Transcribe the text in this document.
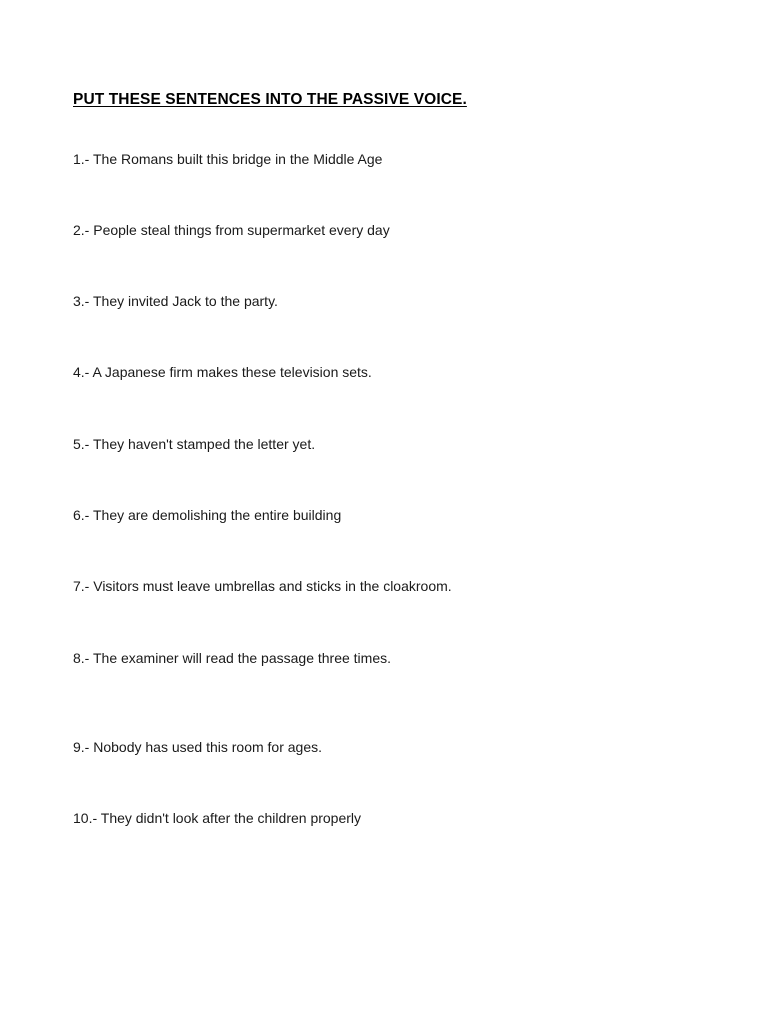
PUT THESE SENTENCES INTO THE PASSIVE VOICE.
1.- The Romans built this bridge in the Middle Age
2.- People steal things from supermarket every day
3.- They invited Jack to the party.
4.- A Japanese firm makes these television sets.
5.- They haven't stamped the letter yet.
6.- They are demolishing the entire building
7.- Visitors must leave umbrellas and sticks in the cloakroom.
8.- The examiner will read the passage three times.
9.- Nobody has used this room for ages.
10.- They didn't look after the children properly
